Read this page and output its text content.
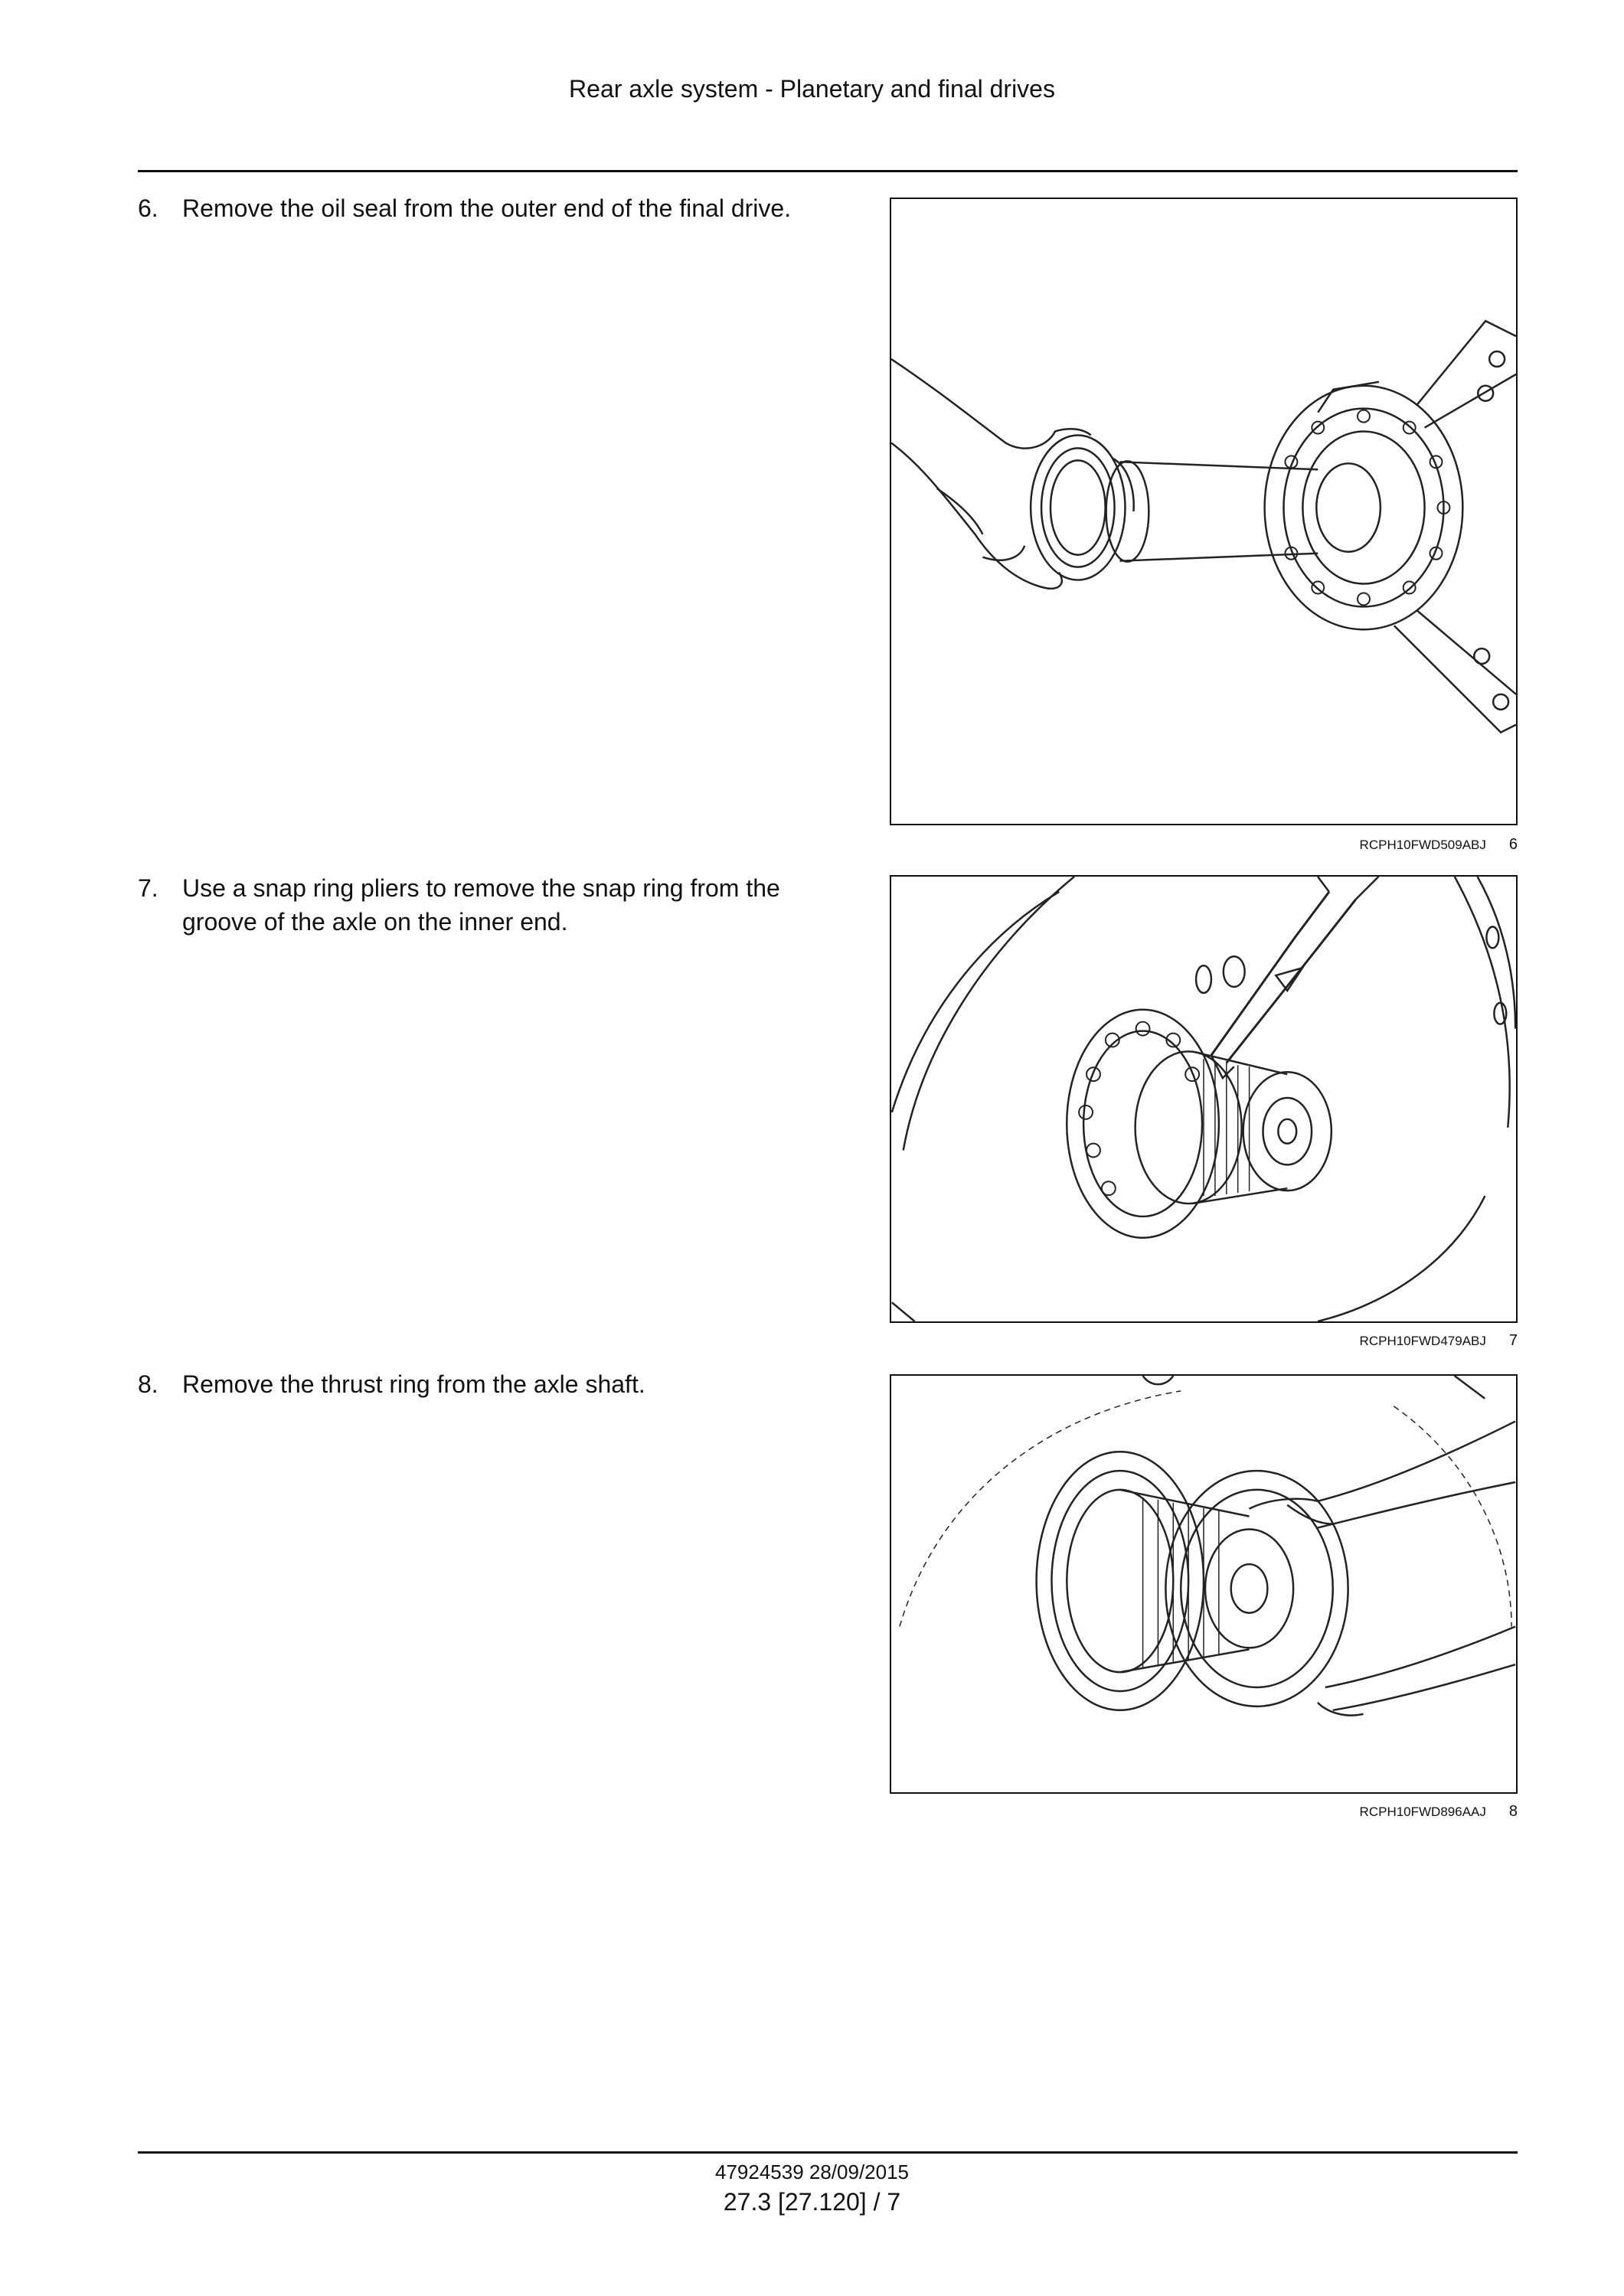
Rear axle system - Planetary and final drives
6. Remove the oil seal from the outer end of the final drive.
RCPH10FWD509ABJ 6
7. Use a snap ring pliers to remove the snap ring from the groove of the axle on the inner end.
RCPH10FWD479ABJ 7
8. Remove the thrust ring from the axle shaft.
RCPH10FWD896AAJ 8
47924539 28/09/2015
27.3 [27.120] / 7
